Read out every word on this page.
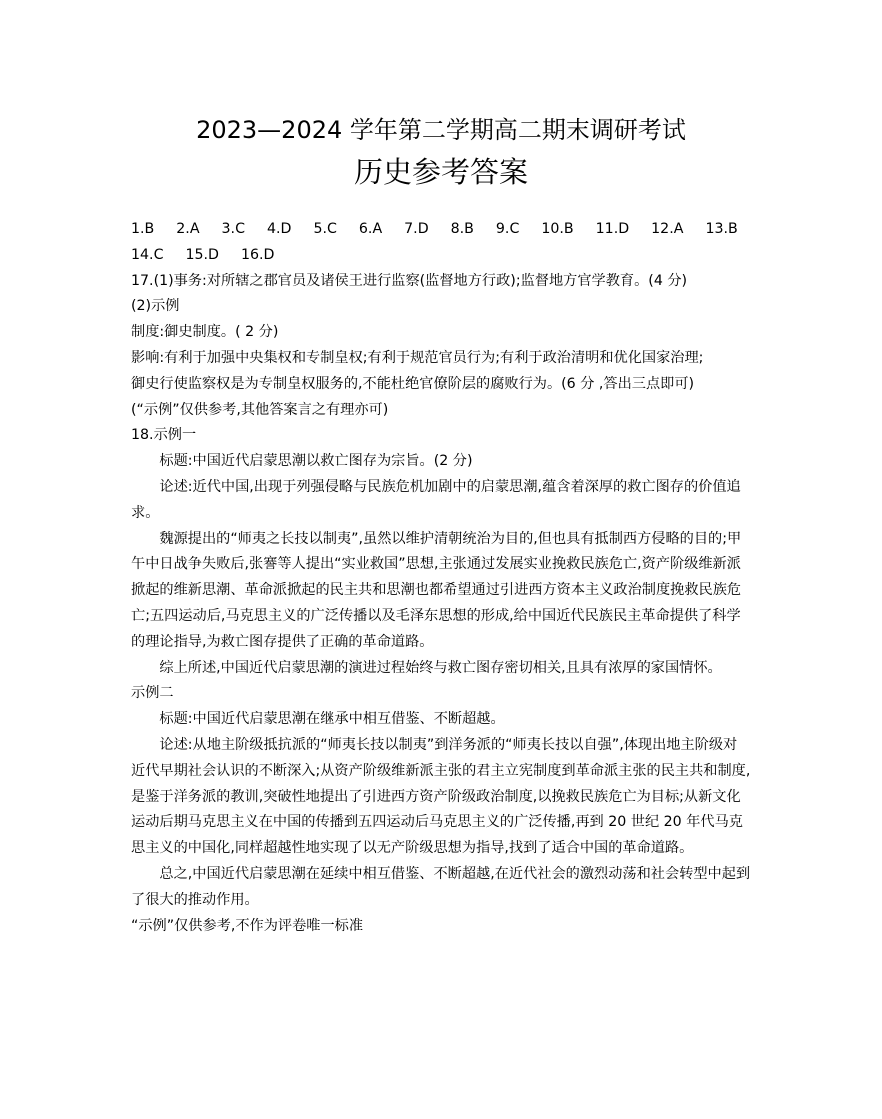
2023—2024 学年第二学期高二期末调研考试
历史参考答案
1.B 2.A 3.C 4.D 5.C 6.A 7.D 8.B 9.C 10.B 11.D 12.A 13.B
14.C 15.D 16.D
17.(1)事务:对所辖之郡官员及诸侯王进行监察(监督地方行政);监督地方官学教育。(4 分)
(2)示例
制度:御史制度。( 2 分)
影响:有利于加强中央集权和专制皇权;有利于规范官员行为;有利于政治清明和优化国家治理;
御史行使监察权是为专制皇权服务的,不能杜绝官僚阶层的腐败行为。(6 分 ,答出三点即可)
(“示例”仅供参考,其他答案言之有理亦可)
18.示例一

标题:中国近代启蒙思潮以救亡图存为宗旨。(2 分)

论述:近代中国,出现于列强侵略与民族危机加剧中的启蒙思潮,蕴含着深厚的救亡图存的价值追求。

魏源提出的“师夷之长技以制夷”,虽然以维护清朝统治为目的,但也具有抵制西方侵略的目的;甲午中日战争失败后,张謇等人提出“实业救国”思想,主张通过发展实业挽救民族危亡,资产阶级维新派掀起的维新思潮、革命派掀起的民主共和思潮也都希望通过引进西方资本主义政治制度挽救民族危亡;五四运动后,马克思主义的广泛传播以及毛泽东思想的形成,给中国近代民族民主革命提供了科学的理论指导,为救亡图存提供了正确的革命道路。

综上所述,中国近代启蒙思潮的演进过程始终与救亡图存密切相关,且具有浓厚的家国情怀。

示例二

标题:中国近代启蒙思潮在继承中相互借鉴、不断超越。

论述:从地主阶级抵抗派的“师夷长技以制夷”到洋务派的“师夷长技以自强”,体现出地主阶级对近代早期社会认识的不断深入;从资产阶级维新派主张的君主立宪制度到革命派主张的民主共和制度,是鉴于洋务派的教训,突破性地提出了引进西方资产阶级政治制度,以挽救民族危亡为目标;从新文化运动后期马克思主义在中国的传播到五四运动后马克思主义的广泛传播,再到 20 世纪 20 年代马克思主义的中国化,同样超越性地实现了以无产阶级思想为指导,找到了适合中国的革命道路。

总之,中国近代启蒙思潮在延续中相互借鉴、不断超越,在近代社会的激烈动荡和社会转型中起到了很大的推动作用。

“示例”仅供参考,不作为评卷唯一标准
